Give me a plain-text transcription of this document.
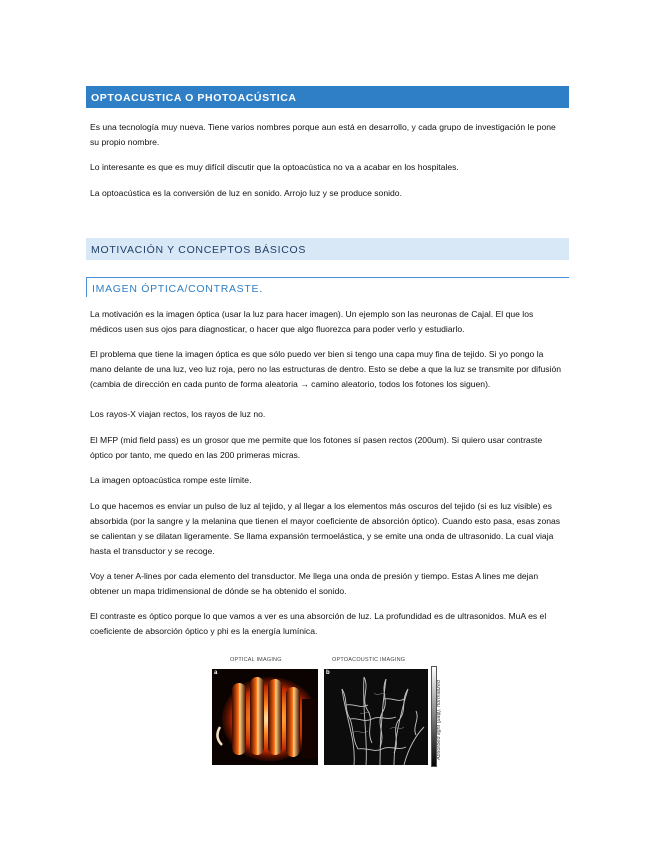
OPTOACUSTICA O PHOTOACÚSTICA

Es una tecnología muy nueva. Tiene varios nombres porque aun está en desarrollo, y cada grupo de investigación le pone su propio nombre.

Lo interesante es que es muy difícil discutir que la optoacústica no va a acabar en los hospitales.

La optoacústica es la conversión de luz en sonido. Arrojo luz y se produce sonido.

MOTIVACIÓN Y CONCEPTOS BÁSICOS
IMAGEN ÓPTICA/CONTRASTE.

La motivación es la imagen óptica (usar la luz para hacer imagen). Un ejemplo son las neuronas de Cajal. El que los médicos usen sus ojos para diagnosticar, o hacer que algo fluorezca para poder verlo y estudiarlo.

El problema que tiene la imagen óptica es que sólo puedo ver bien si tengo una capa muy fina de tejido. Si yo pongo la mano delante de una luz, veo luz roja, pero no las estructuras de dentro. Esto se debe a que la luz se transmite por difusión (cambia de dirección en cada punto de forma aleatoria → camino aleatorio, todos los fotones los siguen).

Los rayos-X viajan rectos, los rayos de luz no.

El MFP (mid field pass) es un grosor que me permite que los fotones sí pasen rectos (200um). Si quiero usar contraste óptico por tanto, me quedo en las 200 primeras micras.

La imagen optoacústica rompe este límite.

Lo que hacemos es enviar un pulso de luz al tejido, y al llegar a los elementos más oscuros del tejido (si es luz visible) es absorbida (por la sangre y la melanina que tienen el mayor coeficiente de absorción óptico). Cuando esto pasa, esas zonas se calientan y se dilatan ligeramente. Se llama expansión termoelástica, y se emite una onda de ultrasonido. La cual viaja hasta el transductor y se recoge.

Voy a tener A-lines por cada elemento del transductor. Me llega una onda de presión y tiempo. Estas A lines me dejan obtener un mapa tridimensional de dónde se ha obtenido el sonido.

El contraste es óptico porque lo que vamos a ver es una absorción de luz. La profundidad es de ultrasonidos. MuA es el coeficiente de absorción óptico y phi es la energía lumínica.

OPTICAL IMAGING	OPTOACOUSTIC IMAGING
a	b
Absorbed light (μaφ), normalized
